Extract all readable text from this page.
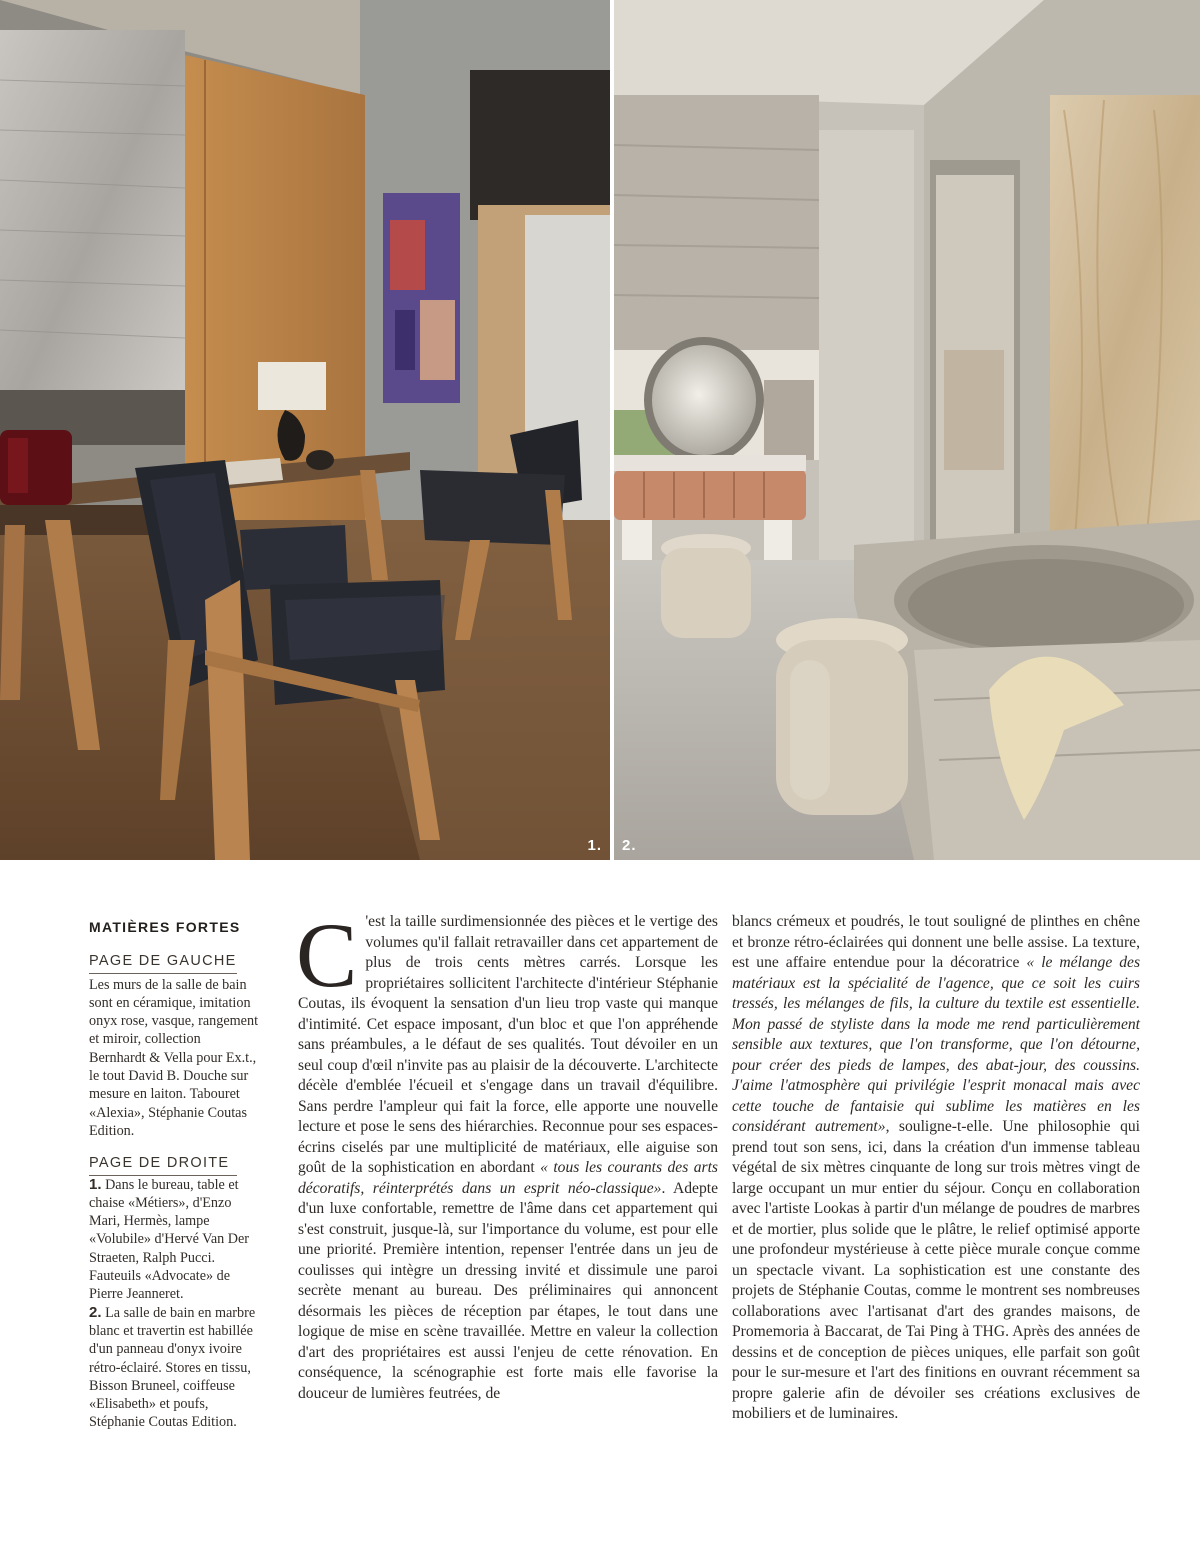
1. 2.
MATIÈRES FORTES
PAGE DE GAUCHE

Les murs de la salle de bain sont en céramique, imitation onyx rose, vasque, rangement et miroir, collection Bernhardt & Vella pour Ex.t., le tout David B. Douche sur mesure en laiton. Tabouret «Alexia», Stéphanie Coutas Edition.

PAGE DE DROITE

1. Dans le bureau, table et chaise «Métiers», d'Enzo Mari, Hermès, lampe «Volubile» d'Hervé Van Der Straeten, Ralph Pucci. Fauteuils «Advocate» de Pierre Jeanneret.

2. La salle de bain en marbre blanc et travertin est habillée d'un panneau d'onyx ivoire rétro-éclairé. Stores en tissu, Bisson Bruneel, coiffeuse «Elisabeth» et poufs, Stéphanie Coutas Edition.

C 'est la taille surdimensionnée des pièces et le vertige des volumes qu'il fallait retravailler dans cet appartement de plus de trois cents mètres carrés. Lorsque les propriétaires sollicitent l'architecte d'intérieur Stéphanie Coutas, ils évoquent la sensation d'un lieu trop vaste qui manque d'intimité. Cet espace imposant, d'un bloc et que l'on appréhende sans préambules, a le défaut de ses qualités. Tout dévoiler en un seul coup d'œil n'invite pas au plaisir de la découverte. L'architecte décèle d'emblée l'écueil et s'engage dans un travail d'équilibre. Sans perdre l'ampleur qui fait la force, elle apporte une nouvelle lecture et pose le sens des hiérarchies. Reconnue pour ses espaces-écrins ciselés par une multiplicité de matériaux, elle aiguise son goût de la sophistication en abordant « tous les courants des arts décoratifs, réinterprétés dans un esprit néo-classique». Adepte d'un luxe confortable, remettre de l'âme dans cet appartement qui s'est construit, jusque-là, sur l'importance du volume, est pour elle une priorité. Première intention, repenser l'entrée dans un jeu de coulisses qui intègre un dressing invité et dissimule une paroi secrète menant au bureau. Des préliminaires qui annoncent désormais les pièces de réception par étapes, le tout dans une logique de mise en scène travaillée. Mettre en valeur la collection d'art des propriétaires est aussi l'enjeu de cette rénovation. En conséquence, la scénographie est forte mais elle favorise la douceur de lumières feutrées, de

blancs crémeux et poudrés, le tout souligné de plinthes en chêne et bronze rétro-éclairées qui donnent une belle assise. La texture, est une affaire entendue pour la décoratrice « le mélange des matériaux est la spécialité de l'agence, que ce soit les cuirs tressés, les mélanges de fils, la culture du textile est essentielle. Mon passé de styliste dans la mode me rend particulièrement sensible aux textures, que l'on transforme, que l'on détourne, pour créer des pieds de lampes, des abat-jour, des coussins. J'aime l'atmosphère qui privilégie l'esprit monacal mais avec cette touche de fantaisie qui sublime les matières en les considérant autrement», souligne-t-elle. Une philosophie qui prend tout son sens, ici, dans la création d'un immense tableau végétal de six mètres cinquante de long sur trois mètres vingt de large occupant un mur entier du séjour. Conçu en collaboration avec l'artiste Lookas à partir d'un mélange de poudres de marbres et de mortier, plus solide que le plâtre, le relief optimisé apporte une profondeur mystérieuse à cette pièce murale conçue comme un spectacle vivant. La sophistication est une constante des projets de Stéphanie Coutas, comme le montrent ses nombreuses collaborations avec l'artisanat d'art des grandes maisons, de Promemoria à Baccarat, de Tai Ping à THG. Après des années de dessins et de conception de pièces uniques, elle parfait son goût pour le sur-mesure et l'art des finitions en ouvrant récemment sa propre galerie afin de dévoiler ses créations exclusives de mobiliers et de luminaires.
